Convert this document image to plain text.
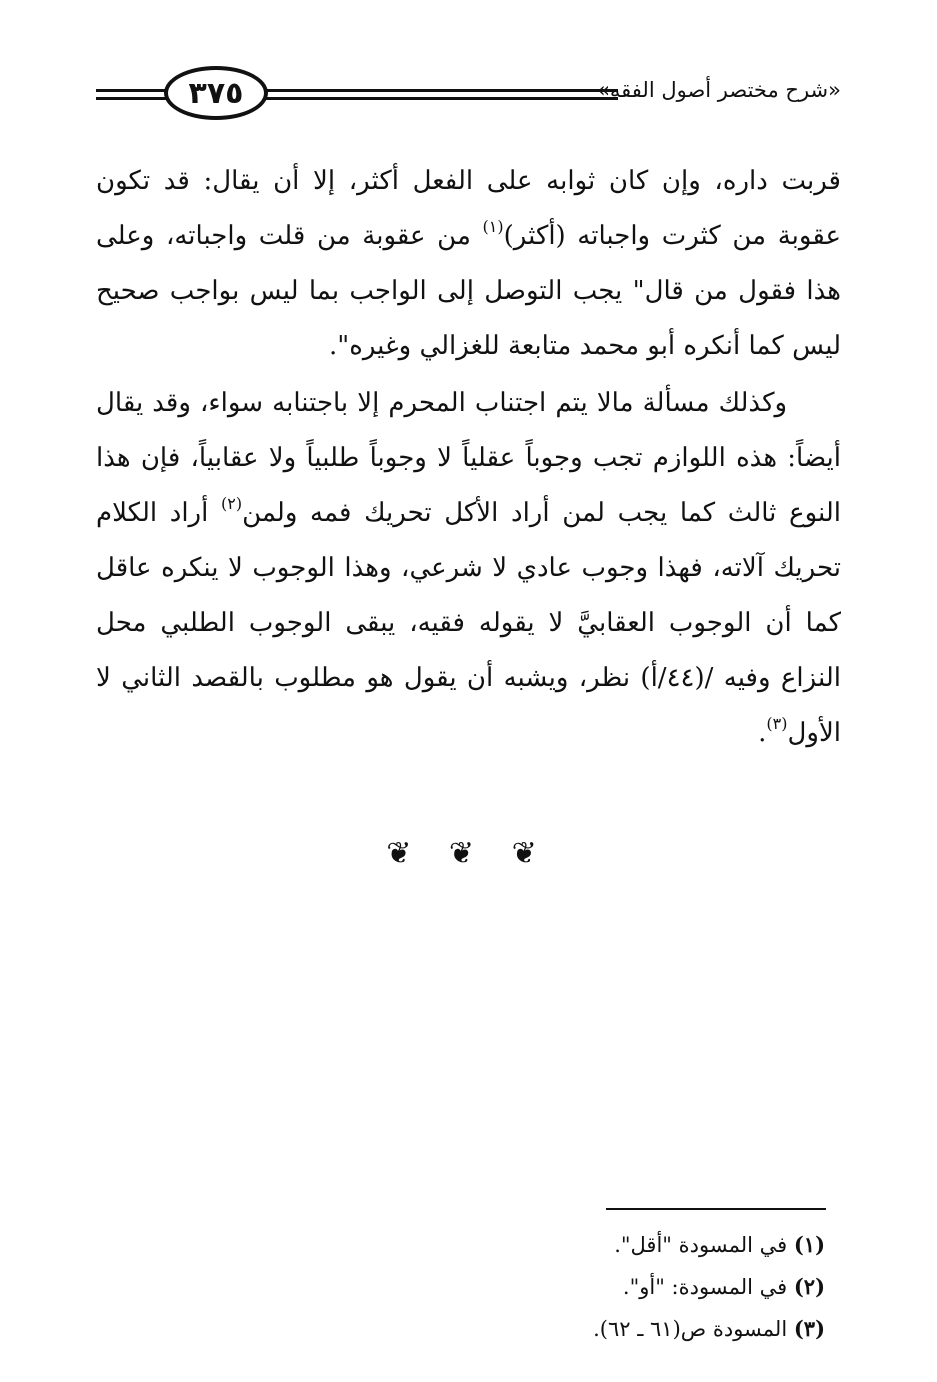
٣٧٥	«شرح مختصر أصول الفقه»

قربت داره، وإن كان ثوابه على الفعل أكثر، إلا أن يقال: قد تكون عقوبة من كثرت واجباته (أكثر)$^{(١)}$ من عقوبة من قلت واجباته، وعلى هذا فقول من قال" يجب التوصل إلى الواجب بما ليس بواجب صحيح ليس كما أنكره أبو محمد متابعة للغزالي وغيره".

وكذلك مسألة مالا يتم اجتناب المحرم إلا باجتنابه سواء، وقد يقال أيضاً: هذه اللوازم تجب وجوباً عقلياً لا وجوباً طلبياً ولا عقابياً، فإن هذا النوع ثالث كما يجب لمن أراد الأكل تحريك فمه ولمن$^{(٢)}$ أراد الكلام تحريك آلاته، فهذا وجوب عادي لا شرعي، وهذا الوجوب لا ينكره عاقل كما أن الوجوب العقابيَّ لا يقوله فقيه، يبقى الوجوب الطلبي محل النزاع وفيه /(٤٤/أ) نظر، ويشبه أن يقول هو مطلوب بالقصد الثاني لا الأول$^{(٣)}$.

❦ ❦ ❦
(١) في المسودة "أقل".
(٢) في المسودة: "أو".
(٣) المسودة ص(٦١ ـ ٦٢).
